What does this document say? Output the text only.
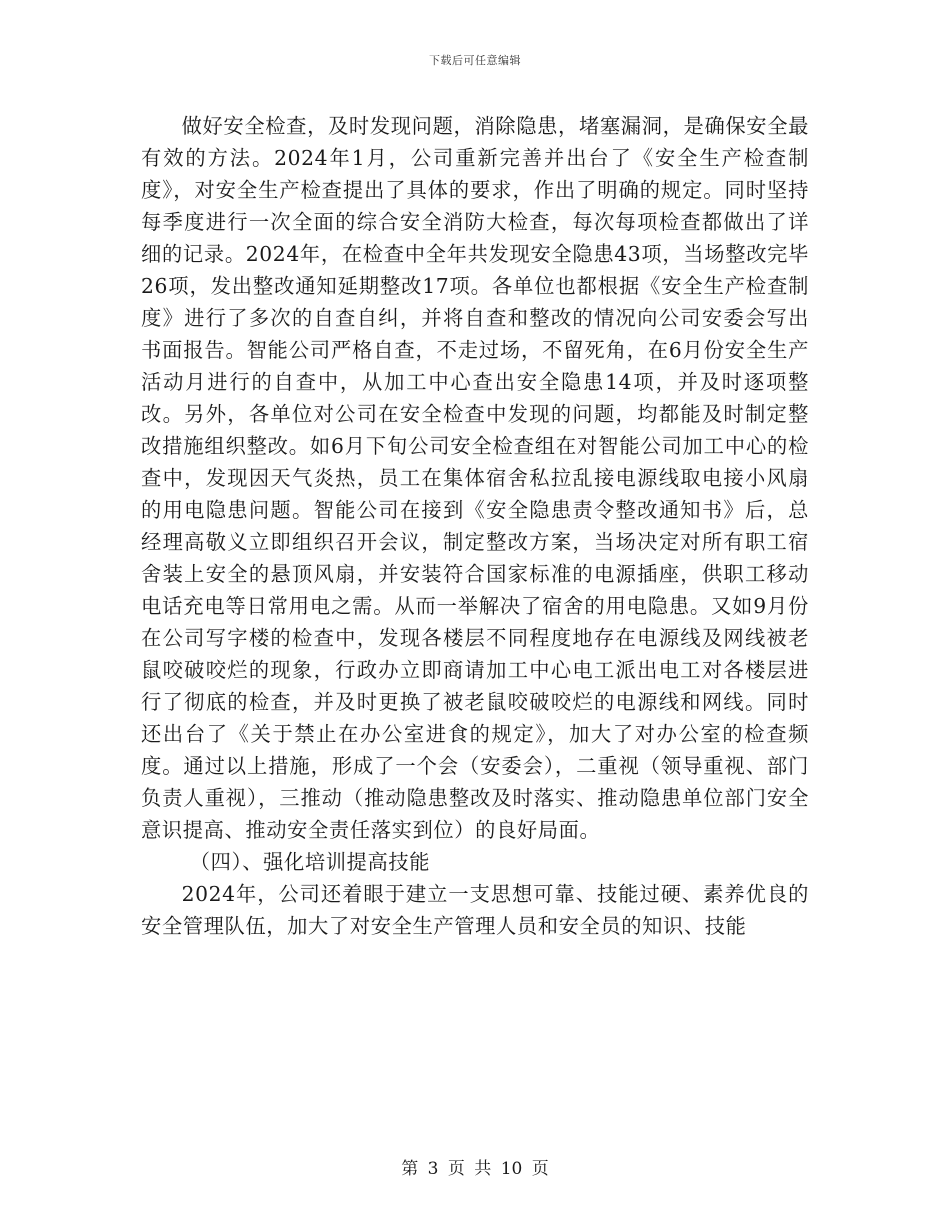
下载后可任意编辑

做好安全检查，及时发现问题，消除隐患，堵塞漏洞，是确保安全最有效的方法。2024年1月，公司重新完善并出台了《安全生产检查制度》，对安全生产检查提出了具体的要求，作出了明确的规定。同时坚持每季度进行一次全面的综合安全消防大检查，每次每项检查都做出了详细的记录。2024年，在检查中全年共发现安全隐患43项，当场整改完毕26项，发出整改通知延期整改17项。各单位也都根据《安全生产检查制度》进行了多次的自查自纠，并将自查和整改的情况向公司安委会写出书面报告。智能公司严格自查，不走过场，不留死角，在6月份安全生产活动月进行的自查中，从加工中心查出安全隐患14项，并及时逐项整改。另外，各单位对公司在安全检查中发现的问题，均都能及时制定整改措施组织整改。如6月下旬公司安全检查组在对智能公司加工中心的检查中，发现因天气炎热，员工在集体宿舍私拉乱接电源线取电接小风扇的用电隐患问题。智能公司在接到《安全隐患责令整改通知书》后，总经理高敬义立即组织召开会议，制定整改方案，当场决定对所有职工宿舍装上安全的悬顶风扇，并安装符合国家标准的电源插座，供职工移动电话充电等日常用电之需。从而一举解决了宿舍的用电隐患。又如9月份在公司写字楼的检查中，发现各楼层不同程度地存在电源线及网线被老鼠咬破咬烂的现象，行政办立即商请加工中心电工派出电工对各楼层进行了彻底的检查，并及时更换了被老鼠咬破咬烂的电源线和网线。同时还出台了《关于禁止在办公室进食的规定》，加大了对办公室的检查频度。通过以上措施，形成了一个会（安委会），二重视（领导重视、部门负责人重视），三推动（推动隐患整改及时落实、推动隐患单位部门安全意识提高、推动安全责任落实到位）的良好局面。

（四）、强化培训提高技能

2024年，公司还着眼于建立一支思想可靠、技能过硬、素养优良的安全管理队伍，加大了对安全生产管理人员和安全员的知识、技能

第 3 页 共 10 页
